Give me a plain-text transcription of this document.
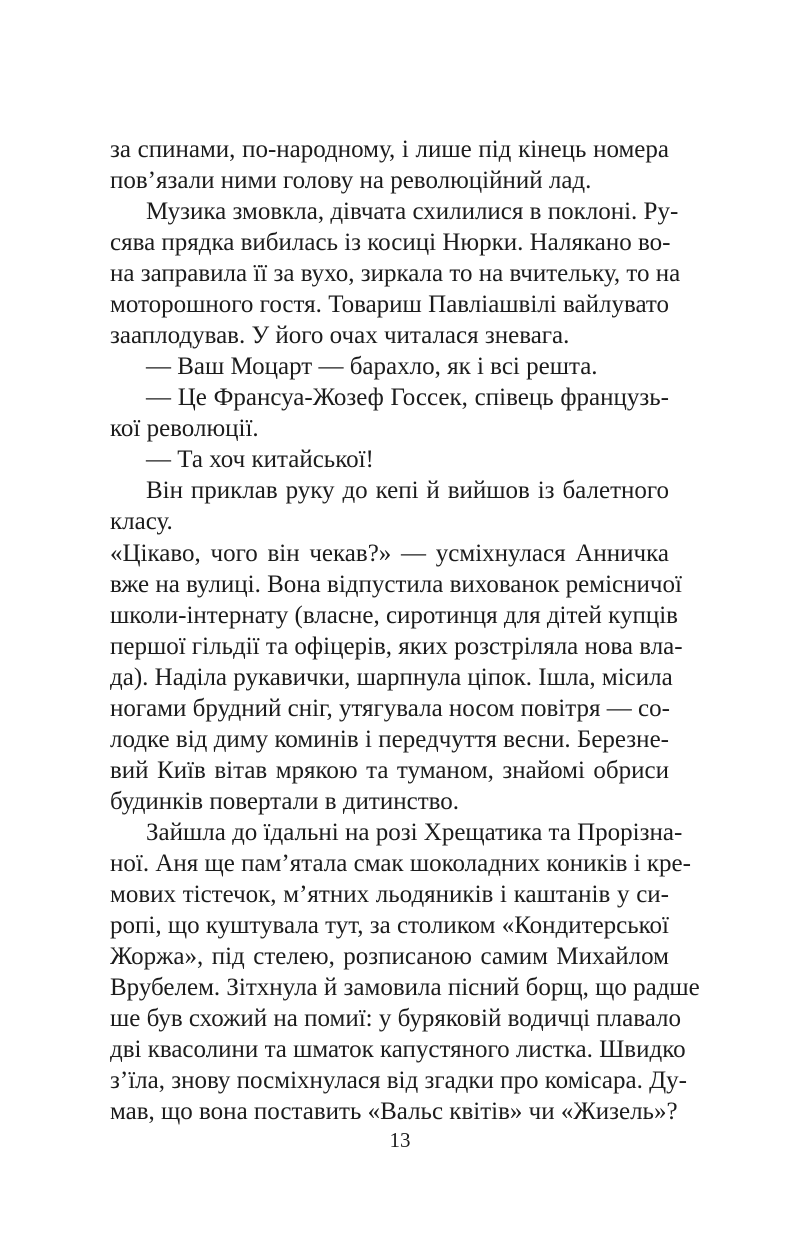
за спинами, по-народному, і лише під кінець номера
пов’язали ними голову на революційний лад.

Музика змовкла, дівчата схилилися в поклоні. Ру-
сява прядка вибилась із косиці Нюрки. Налякано во-
на заправила її за вухо, зиркала то на вчительку, то на
моторошного гостя. Товариш Павліашвілі вайлувато
зааплодував. У його очах читалася зневага.

— Ваш Моцарт — барахло, як і всі решта.

— Це Франсуа-Жозеф Госсек, співець французь-
кої революції.

— Та хоч китайської!

Він приклав руку до кепі й вийшов із балетного
класу.

«Цікаво, чого він чекав?» — усміхнулася Анничка
вже на вулиці. Вона відпустила вихованок ремісничої
школи-інтернату (власне, сиротинця для дітей купців
першої гільдії та офіцерів, яких розстріляла нова вла-
да). Наділа рукавички, шарпнула ціпок. Ішла, місила
ногами брудний сніг, утягувала носом повітря — со-
лодке від диму коминів і передчуття весни. Березне-
вий Київ вітав мрякою та туманом, знайомі обриси
будинків повертали в дитинство.

Зайшла до їдальні на розі Хрещатика та Прорізна-
ної. Аня ще пам’ятала смак шоколадних коників і кре-
мових тістечок, м’ятних льодяників і каштанів у си-
ропі, що куштувала тут, за столиком «Кондитерської
Жоржа», під стелею, розписаною самим Михайлом
Врубелем. Зітхнула й замовила пісний борщ, що радше
ше був схожий на помиї: у буряковій водичці плавало
дві квасолини та шматок капустяного листка. Швидко
з’їла, знову посміхнулася від згадки про комісара. Ду-
мав, що вона поставить «Вальс квітів» чи «Жизель»?

13
